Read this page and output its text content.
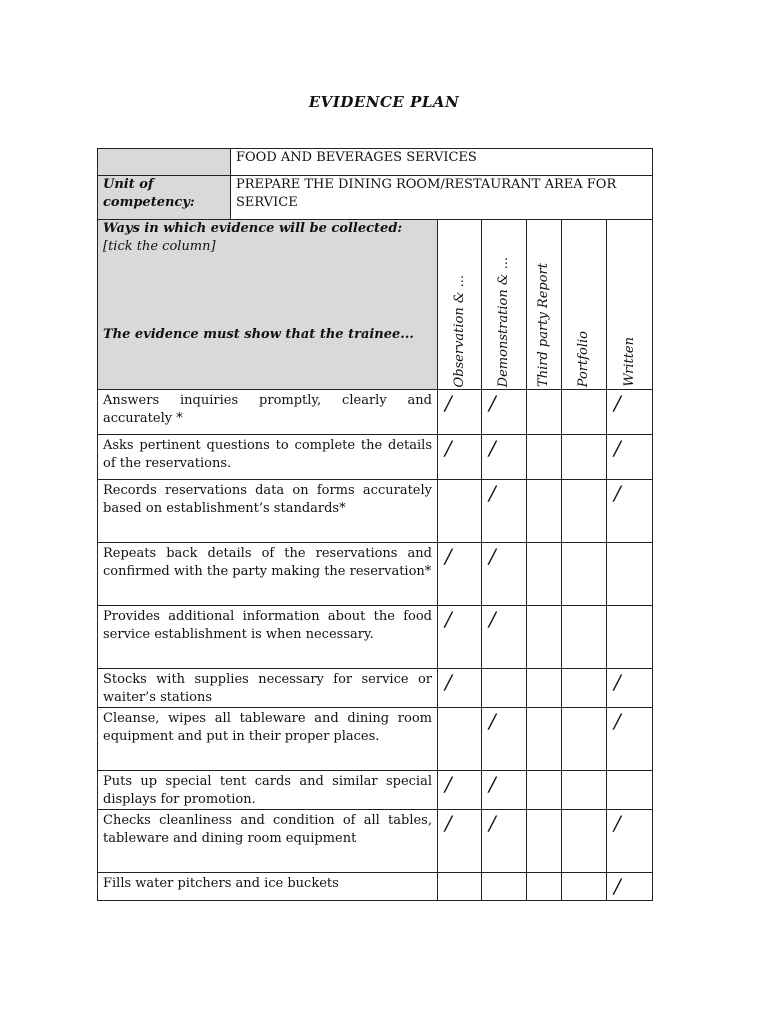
EVIDENCE PLAN
	FOOD AND BEVERAGES SERVICES					
Unit of competency:	PREPARE THE DINING ROOM/RESTAURANT AREA FOR SERVICE					

Ways in which evidence will be collected:
[tick the column]
The evidence must show that the trainee...		Observation & ...	Demonstration & ...	Third party Report	Portfolio	Written

Answers inquiries promptly, clearly and accurately *		/	/			/
Asks pertinent questions to complete the details of the reservations.		/	/			/
Records reservations data on forms accurately based on establishment’s standards*			/			/
Repeats back details of the reservations and confirmed with the party making the reservation*		/	/			
Provides additional information about the food service establishment is when necessary.		/	/			
Stocks with supplies necessary for service or waiter’s stations		/				/
Cleanse, wipes all tableware and dining room equipment and put in their proper places.			/			/
Puts up special tent cards and similar special displays for promotion.		/	/			
Checks cleanliness and condition of all tables, tableware and dining room equipment		/	/			/
Fills water pitchers and ice buckets						/
